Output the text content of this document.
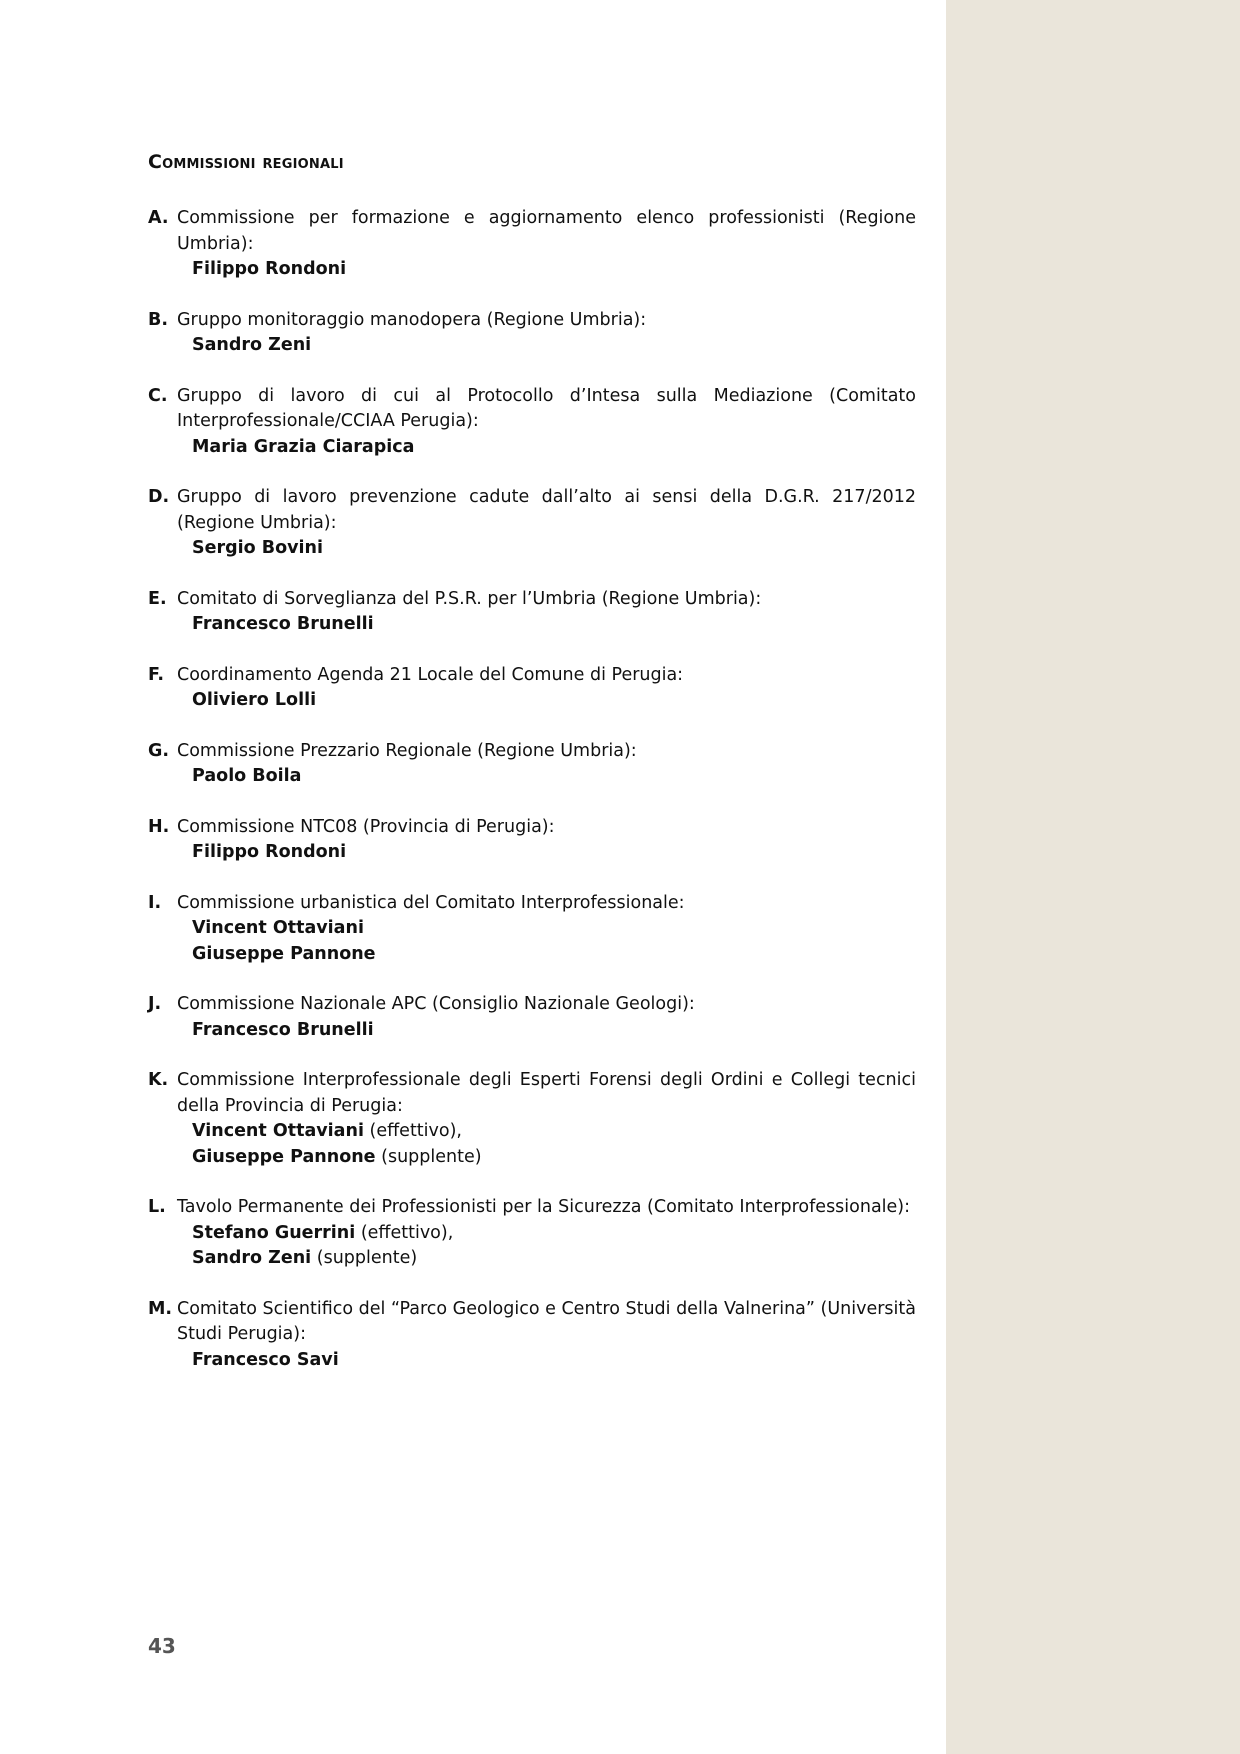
Commissioni regionali
A. Commissione per formazione e aggiornamento elenco professionisti (Regione Umbria):
Filippo Rondoni
B. Gruppo monitoraggio manodopera (Regione Umbria):
Sandro Zeni
C. Gruppo di lavoro di cui al Protocollo d’Intesa sulla Mediazione (Comitato Interprofessionale/CCIAA Perugia):
Maria Grazia Ciarapica
D. Gruppo di lavoro prevenzione cadute dall’alto ai sensi della D.G.R. 217/2012 (Regione Umbria):
Sergio Bovini
E. Comitato di Sorveglianza del P.S.R. per l’Umbria (Regione Umbria):
Francesco Brunelli
F. Coordinamento Agenda 21 Locale del Comune di Perugia:
Oliviero Lolli
G. Commissione Prezzario Regionale (Regione Umbria):
Paolo Boila
H. Commissione NTC08 (Provincia di Perugia):
Filippo Rondoni
I. Commissione urbanistica del Comitato Interprofessionale:
Vincent Ottaviani
Giuseppe Pannone
J. Commissione Nazionale APC (Consiglio Nazionale Geologi):
Francesco Brunelli
K. Commissione Interprofessionale degli Esperti Forensi degli Ordini e Collegi tecnici della Provincia di Perugia:
Vincent Ottaviani (effettivo),
Giuseppe Pannone (supplente)
L. Tavolo Permanente dei Professionisti per la Sicurezza (Comitato Interprofessionale):
Stefano Guerrini (effettivo),
Sandro Zeni (supplente)
M. Comitato Scientifico del “Parco Geologico e Centro Studi della Valnerina” (Università Studi Perugia):
Francesco Savi
43
